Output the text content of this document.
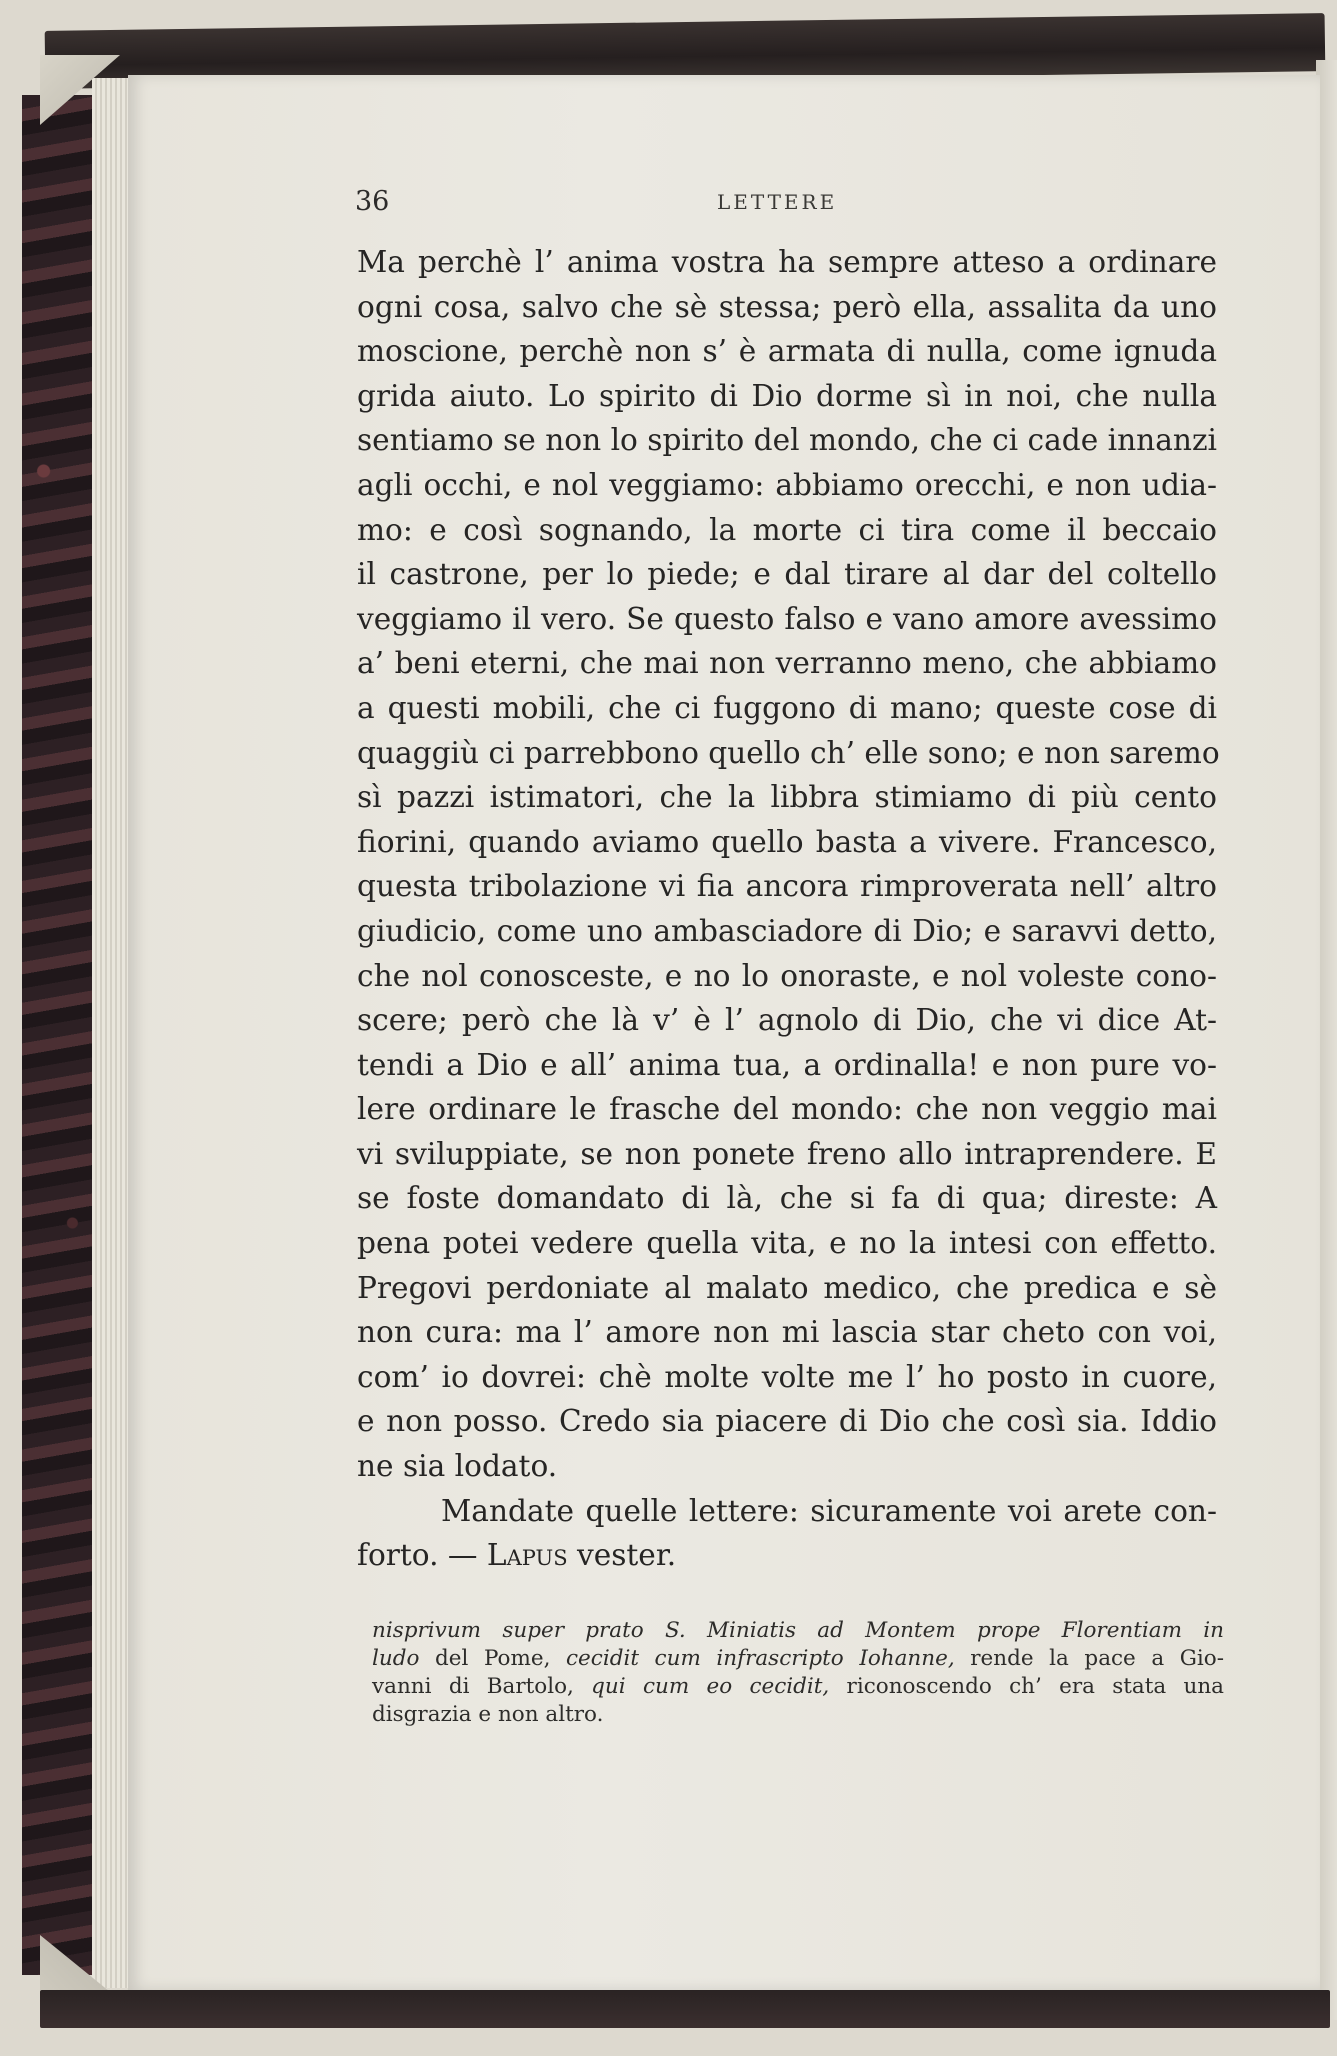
36	LETTERE
Ma perchè l’ anima vostra ha sempre atteso a ordinare
ogni cosa, salvo che sè stessa; però ella, assalita da uno
moscione, perchè non s’ è armata di nulla, come ignuda
grida aiuto. Lo spirito di Dio dorme sì in noi, che nulla
sentiamo se non lo spirito del mondo, che ci cade innanzi
agli occhi, e nol veggiamo: abbiamo orecchi, e non udia-
mo: e così sognando, la morte ci tira come il beccaio
il castrone, per lo piede; e dal tirare al dar del coltello
veggiamo il vero. Se questo falso e vano amore avessimo
a’ beni eterni, che mai non verranno meno, che abbiamo
a questi mobili, che ci fuggono di mano; queste cose di
quaggiù ci parrebbono quello ch’ elle sono; e non saremo
sì pazzi istimatori, che la libbra stimiamo di più cento
fiorini, quando aviamo quello basta a vivere. Francesco,
questa tribolazione vi fia ancora rimproverata nell’ altro
giudicio, come uno ambasciadore di Dio; e saravvi detto,
che nol conosceste, e no lo onoraste, e nol voleste cono-
scere; però che là v’ è l’ agnolo di Dio, che vi dice At-
tendi a Dio e all’ anima tua, a ordinalla! e non pure vo-
lere ordinare le frasche del mondo: che non veggio mai
vi sviluppiate, se non ponete freno allo intraprendere. E
se foste domandato di là, che si fa di qua; direste: A
pena potei vedere quella vita, e no la intesi con effetto.
Pregovi perdoniate al malato medico, che predica e sè
non cura: ma l’ amore non mi lascia star cheto con voi,
com’ io dovrei: chè molte volte me l’ ho posto in cuore,
e non posso. Credo sia piacere di Dio che così sia. Iddio
ne sia lodato.
Mandate quelle lettere: sicuramente voi arete con-
forto. — Lapus vester.
nisprivum super prato S. Miniatis ad Montem prope Florentiam in
ludo del Pome, cecidit cum infrascripto Iohanne, rende la pace a Gio-
vanni di Bartolo, qui cum eo cecidit, riconoscendo ch’ era stata una
disgrazia e non altro.
